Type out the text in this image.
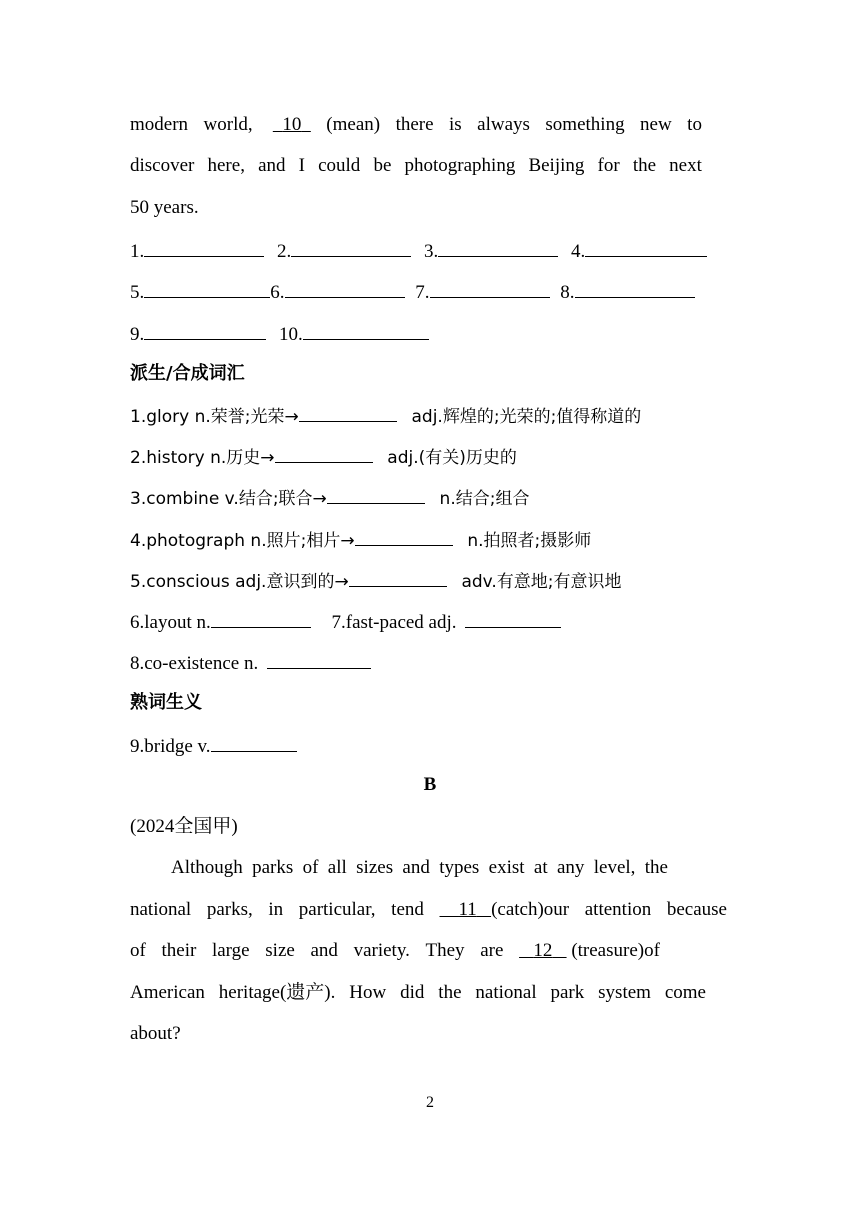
modern world,	10	(mean) there is always something new to
discover here, and I could be photographing Beijing for the next
50 years.
1.	2.	3.	4.
5.	6.	7.	8.
9.	10.
派生/合成词汇
1.glory n.荣誉;光荣→	adj.辉煌的;光荣的;值得称道的
2.history n.历史→	adj.(有关)历史的
3.combine v.结合;联合→	n.结合;组合
4.photograph n.照片;相片→	n.拍照者;摄影师
5.conscious adj.意识到的→	adv.有意地;有意识地
6.layout n.	7.fast-paced adj.
8.co-existence n.
熟词生义
9.bridge v.
B
(2024全国甲)
Although parks of all sizes and types exist at any level, the
national parks, in particular, tend	11 (catch)our attention because
of their large size and variety. They are	12 (treasure)of
American heritage(遗产). How did the national park system come
about?
2
